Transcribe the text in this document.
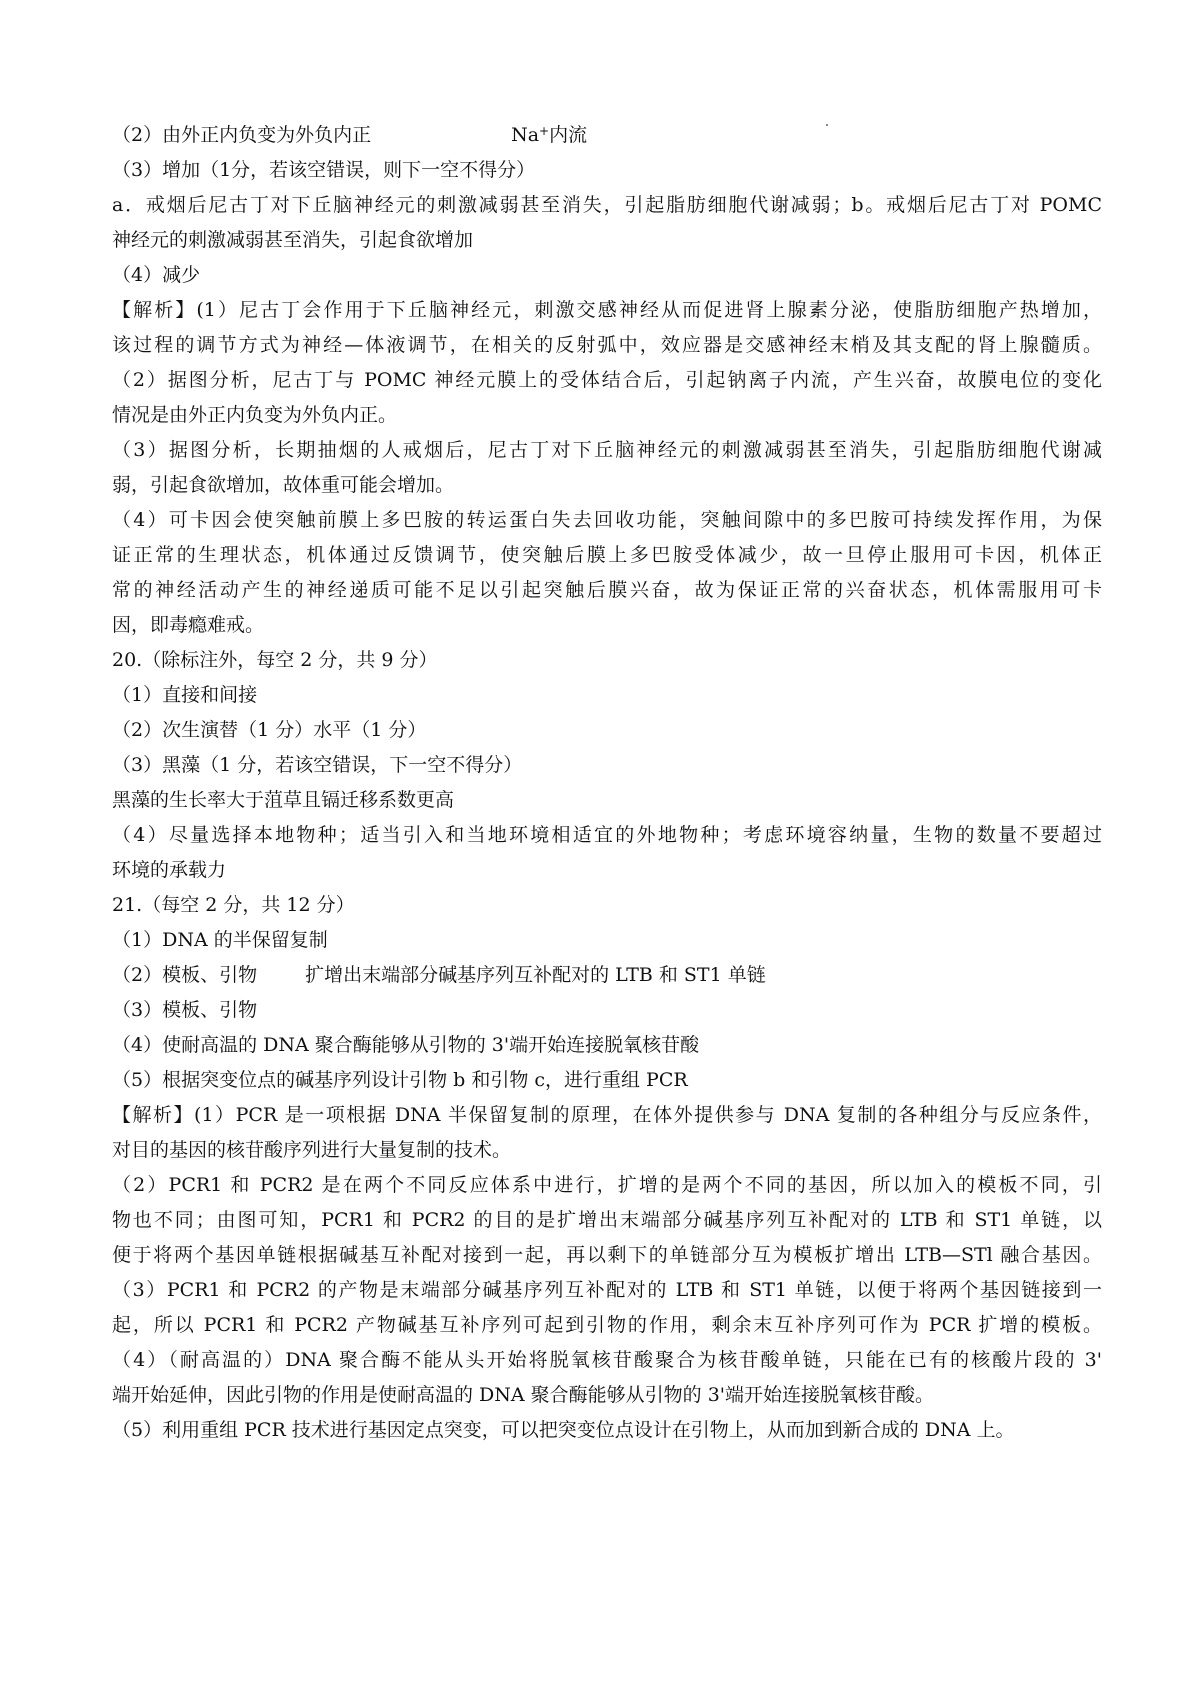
（2）由外正内负变为外负内正	Na+内流
（3）增加（1分，若该空错误，则下一空不得分）
a．戒烟后尼古丁对下丘脑神经元的刺激减弱甚至消失，引起脂肪细胞代谢减弱；b。戒烟后尼古丁对 POMC
神经元的刺激减弱甚至消失，引起食欲增加
（4）减少
【解析】(1）尼古丁会作用于下丘脑神经元，刺激交感神经从而促进肾上腺素分泌，使脂肪细胞产热增加，
该过程的调节方式为神经—体液调节，在相关的反射弧中，效应器是交感神经末梢及其支配的肾上腺髓质。
（2）据图分析，尼古丁与 POMC 神经元膜上的受体结合后，引起钠离子内流，产生兴奋，故膜电位的变化
情况是由外正内负变为外负内正。
（3）据图分析，长期抽烟的人戒烟后，尼古丁对下丘脑神经元的刺激减弱甚至消失，引起脂肪细胞代谢减
弱，引起食欲增加，故体重可能会增加。
（4）可卡因会使突触前膜上多巴胺的转运蛋白失去回收功能，突触间隙中的多巴胺可持续发挥作用，为保
证正常的生理状态，机体通过反馈调节，使突触后膜上多巴胺受体减少，故一旦停止服用可卡因，机体正
常的神经活动产生的神经递质可能不足以引起突触后膜兴奋，故为保证正常的兴奋状态，机体需服用可卡
因，即毒瘾难戒。
20.（除标注外，每空 2 分，共 9 分）
（1）直接和间接
（2）次生演替（1 分）水平（1 分）
（3）黑藻（1 分，若该空错误，下一空不得分）
黑藻的生长率大于菹草且镉迁移系数更高
（4）尽量选择本地物种；适当引入和当地环境相适宜的外地物种；考虑环境容纳量，生物的数量不要超过
环境的承载力
21.（每空 2 分，共 12 分）
（1）DNA 的半保留复制
（2）模板、引物	扩增出末端部分碱基序列互补配对的 LTB 和 ST1 单链
（3）模板、引物
（4）使耐高温的 DNA 聚合酶能够从引物的 3'端开始连接脱氧核苷酸
（5）根据突变位点的碱基序列设计引物 b 和引物 c，进行重组 PCR
【解析】(1）PCR 是一项根据 DNA 半保留复制的原理，在体外提供参与 DNA 复制的各种组分与反应条件，
对目的基因的核苷酸序列进行大量复制的技术。
（2）PCR1 和 PCR2 是在两个不同反应体系中进行，扩增的是两个不同的基因，所以加入的模板不同，引
物也不同；由图可知，PCR1 和 PCR2 的目的是扩增出末端部分碱基序列互补配对的 LTB 和 ST1 单链，以
便于将两个基因单链根据碱基互补配对接到一起，再以剩下的单链部分互为模板扩增出 LTB—STl 融合基因。
（3）PCR1 和 PCR2 的产物是末端部分碱基序列互补配对的 LTB 和 ST1 单链，以便于将两个基因链接到一
起，所以 PCR1 和 PCR2 产物碱基互补序列可起到引物的作用，剩余末互补序列可作为 PCR 扩增的模板。
（4）（耐高温的）DNA 聚合酶不能从头开始将脱氧核苷酸聚合为核苷酸单链，只能在已有的核酸片段的 3'
端开始延伸，因此引物的作用是使耐高温的 DNA 聚合酶能够从引物的 3'端开始连接脱氧核苷酸。
（5）利用重组 PCR 技术进行基因定点突变，可以把突变位点设计在引物上，从而加到新合成的 DNA 上。
